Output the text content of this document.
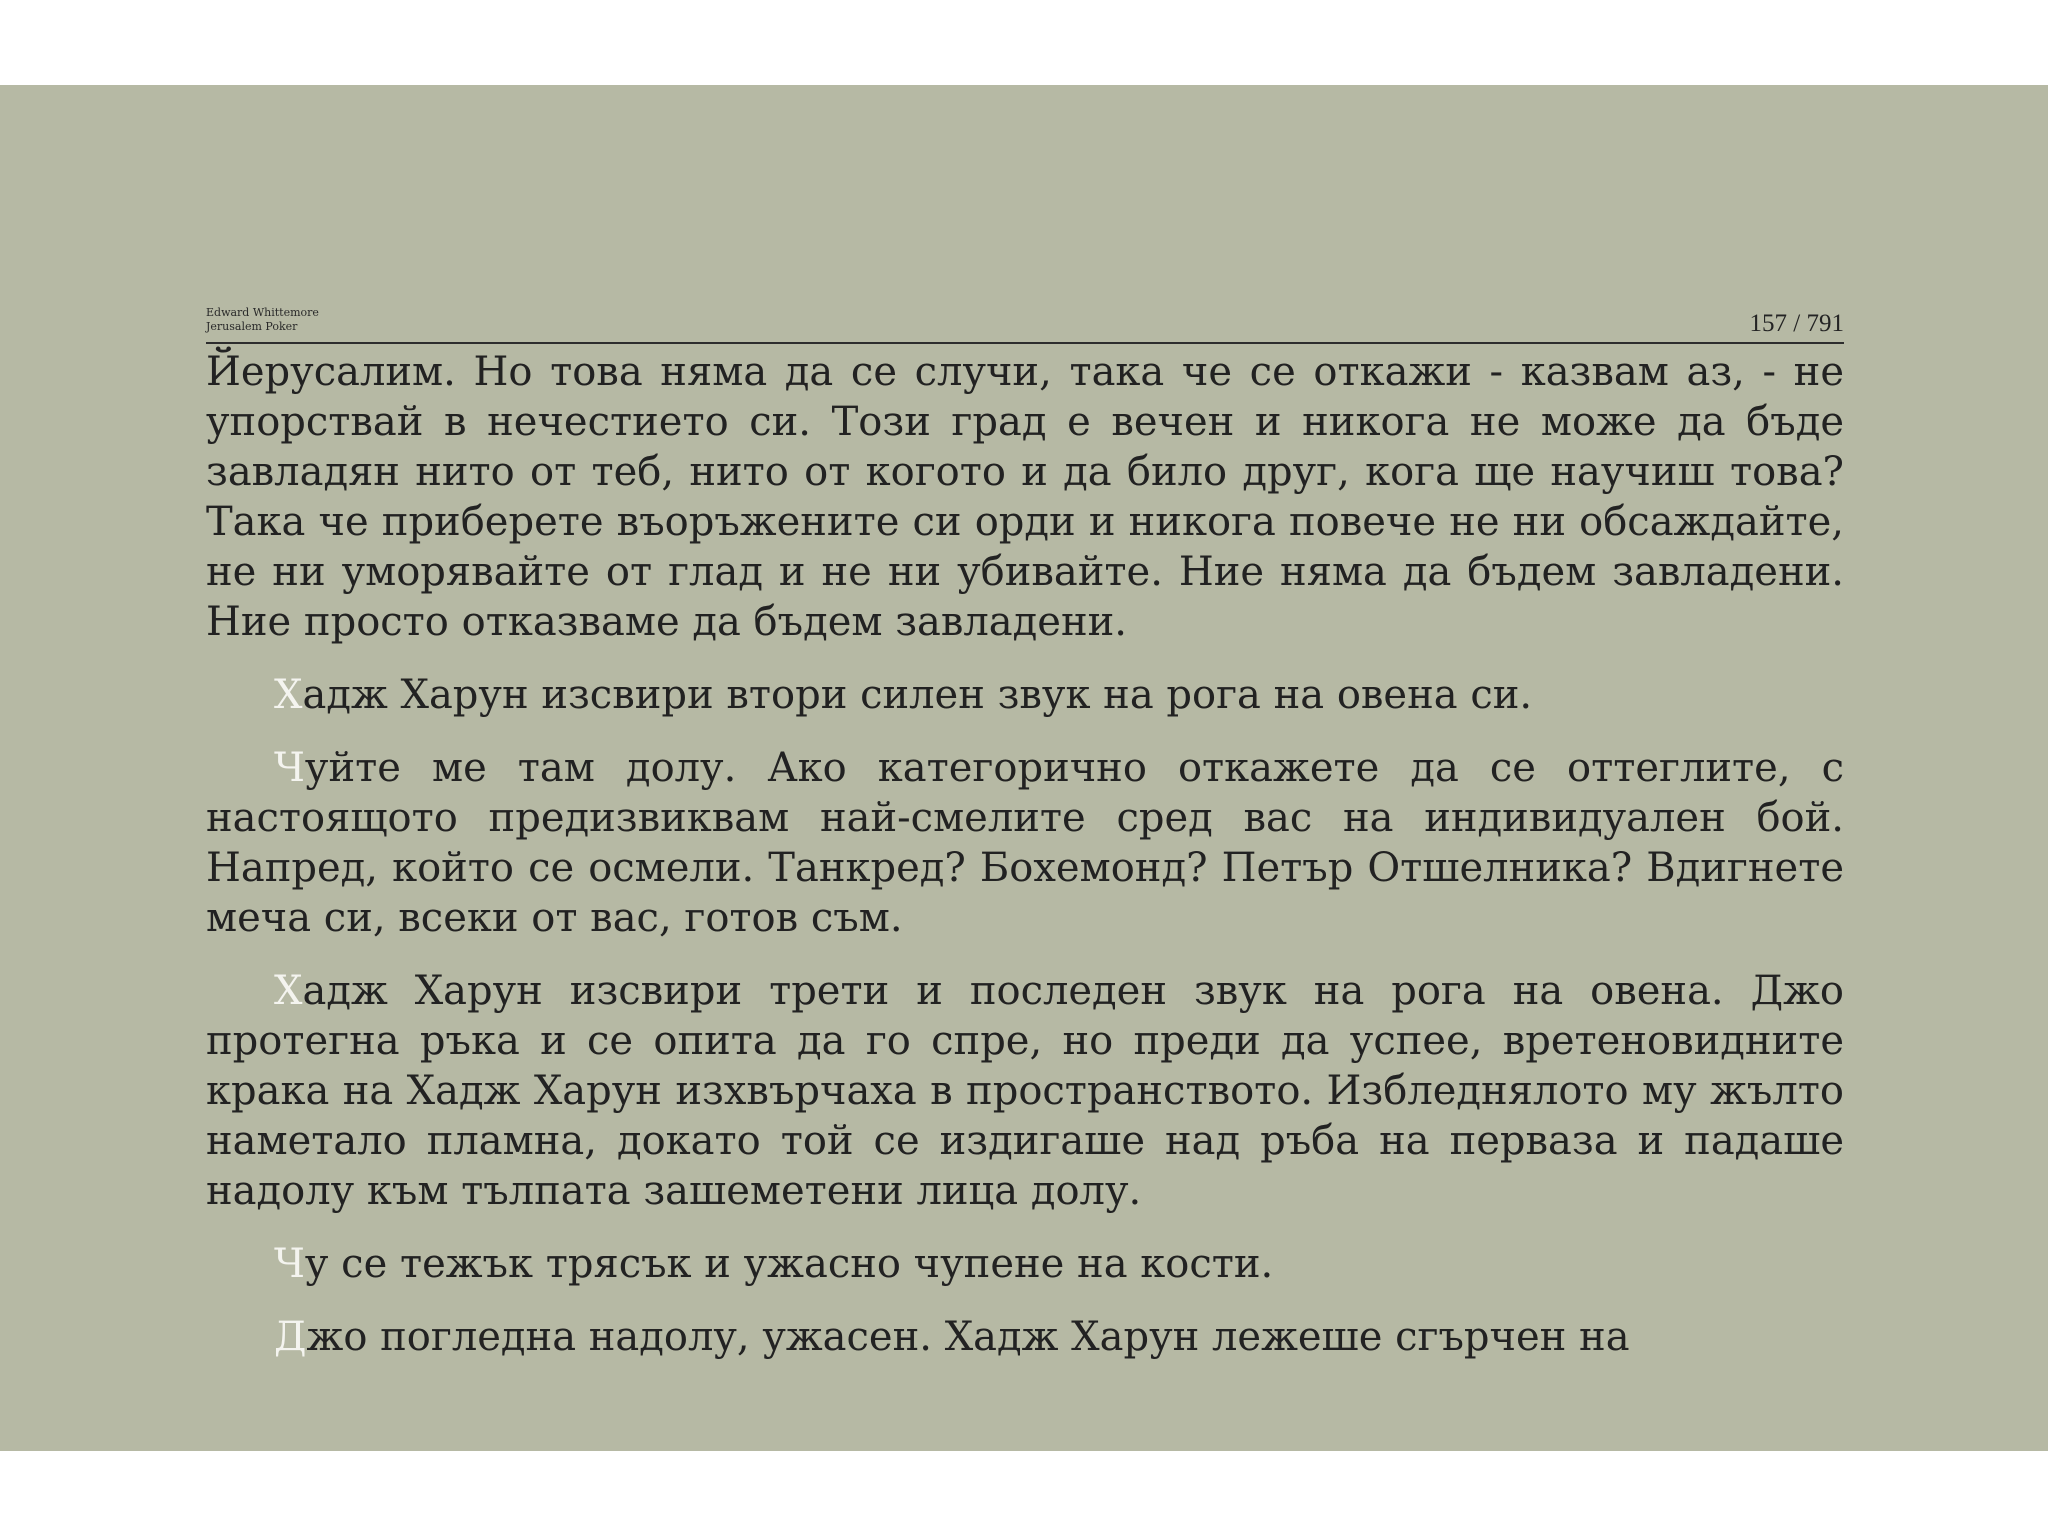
Edward Whittemore
Jerusalem Poker	157 / 791

Йерусалим. Но това няма да се случи, така че се откажи - казвам аз, - не упорствай в нечестието си. Този град е вечен и никога не може да бъде завладян нито от теб, нито от когото и да било друг, кога ще научиш това? Така че приберете въоръжените си орди и никога повече не ни обсаждайте, не ни уморявайте от глад и не ни убивайте. Ние няма да бъдем завладени. Ние просто отказваме да бъдем завладени.

Хадж Харун изсвири втори силен звук на рога на овена си.

Чуйте ме там долу. Ако категорично откажете да се оттеглите, с настоящото предизвиквам най-смелите сред вас на индивидуален бой. Напред, който се осмели. Танкред? Бохемонд? Петър Отшелника? Вдигнете меча си, всеки от вас, готов съм.

Хадж Харун изсвири трети и последен звук на рога на овена. Джо протегна ръка и се опита да го спре, но преди да успее, вретеновидните крака на Хадж Харун изхвърчаха в пространството. Избледнялото му жълто наметало пламна, докато той се издигаше над ръба на перваза и падаше надолу към тълпата зашеметени лица долу.

Чу се тежък трясък и ужасно чупене на кости.

Джо погледна надолу, ужасен. Хадж Харун лежеше сгърчен на
